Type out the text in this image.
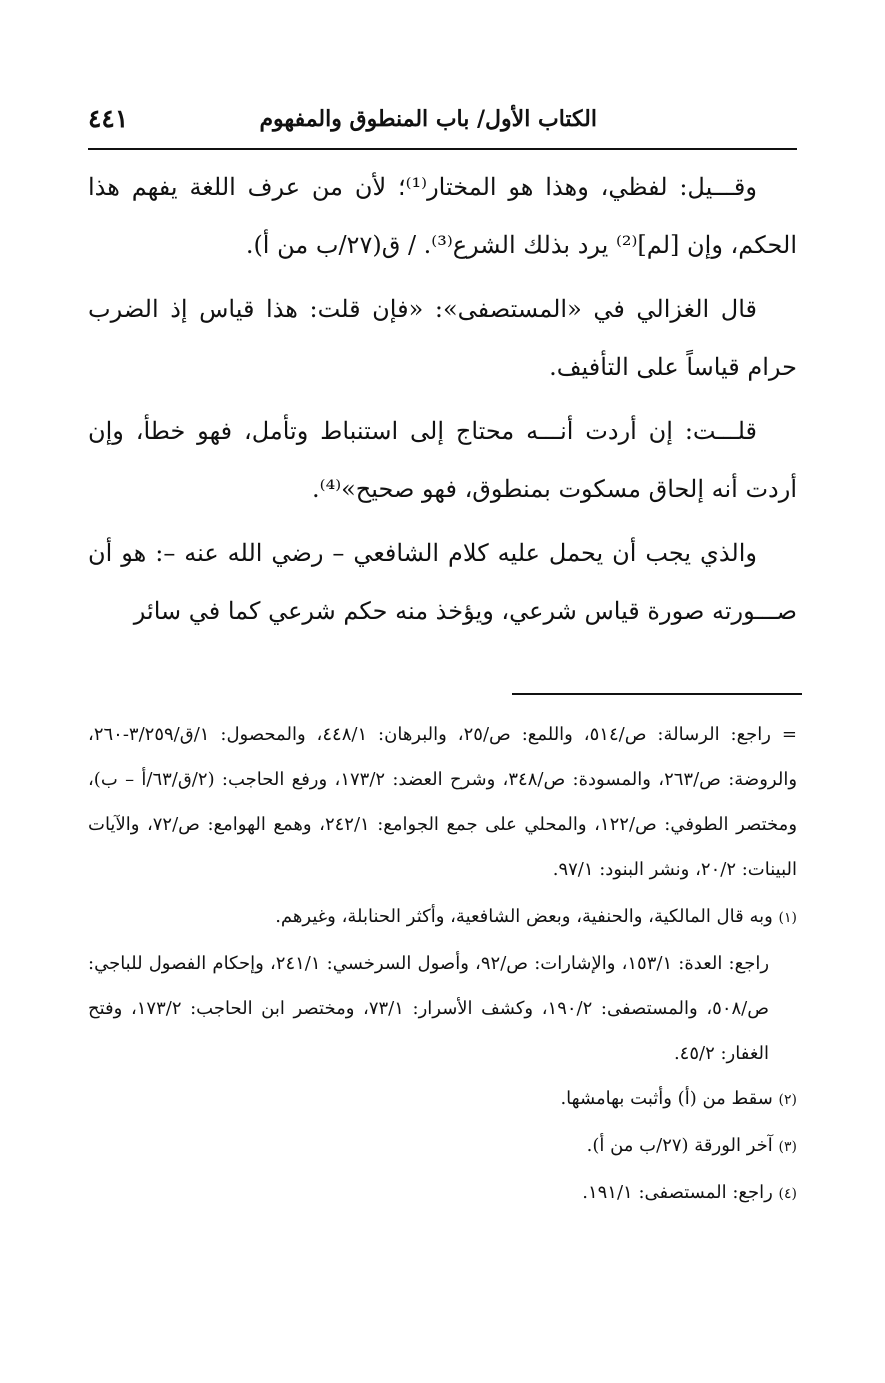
الكتاب الأول/ باب المنطوق والمفهوم
٤٤١

وقـــيل: لفظي، وهذا هو المختار⁽¹⁾؛ لأن من عرف اللغة يفهم هذا الحكم، وإن [لم]⁽²⁾ يرد بذلك الشرع⁽³⁾. / ق(٢٧/ب من أ).

قال الغزالي في «المستصفى»: «فإن قلت: هذا قياس إذ الضرب حرام قياساً على التأفيف.

قلـــت: إن أردت أنـــه محتاج إلى استنباط وتأمل، فهو خطأ، وإن أردت أنه إلحاق مسكوت بمنطوق، فهو صحيح»⁽⁴⁾.

والذي يجب أن يحمل عليه كلام الشافعي – رضي الله عنه –: هو أن صـــورته صورة قياس شرعي، ويؤخذ منه حكم شرعي كما في سائر

= راجع: الرسالة: ص/٥١٤، واللمع: ص/٢٥، والبرهان: ٤٤٨/١، والمحصول: ١/ق/٣/٢٥٩-٢٦٠، والروضة: ص/٢٦٣، والمسودة: ص/٣٤٨، وشرح العضد: ١٧٣/٢، ورفع الحاجب: (٢/ق/٦٣/أ – ب)، ومختصر الطوفي: ص/١٢٢، والمحلي على جمع الجوامع: ٢٤٢/١، وهمع الهوامع: ص/٧٢، والآيات البينات: ٢٠/٢، ونشر البنود: ٩٧/١.

(١) وبه قال المالكية، والحنفية، وبعض الشافعية، وأكثر الحنابلة، وغيرهم.

راجع: العدة: ١٥٣/١، والإشارات: ص/٩٢، وأصول السرخسي: ٢٤١/١، وإحكام الفصول للباجي: ص/٥٠٨، والمستصفى: ١٩٠/٢، وكشف الأسرار: ٧٣/١، ومختصر ابن الحاجب: ١٧٣/٢، وفتح الغفار: ٤٥/٢.

(٢) سقط من (أ) وأثبت بهامشها.

(٣) آخر الورقة (٢٧/ب من أ).

(٤) راجع: المستصفى: ١٩١/١.
